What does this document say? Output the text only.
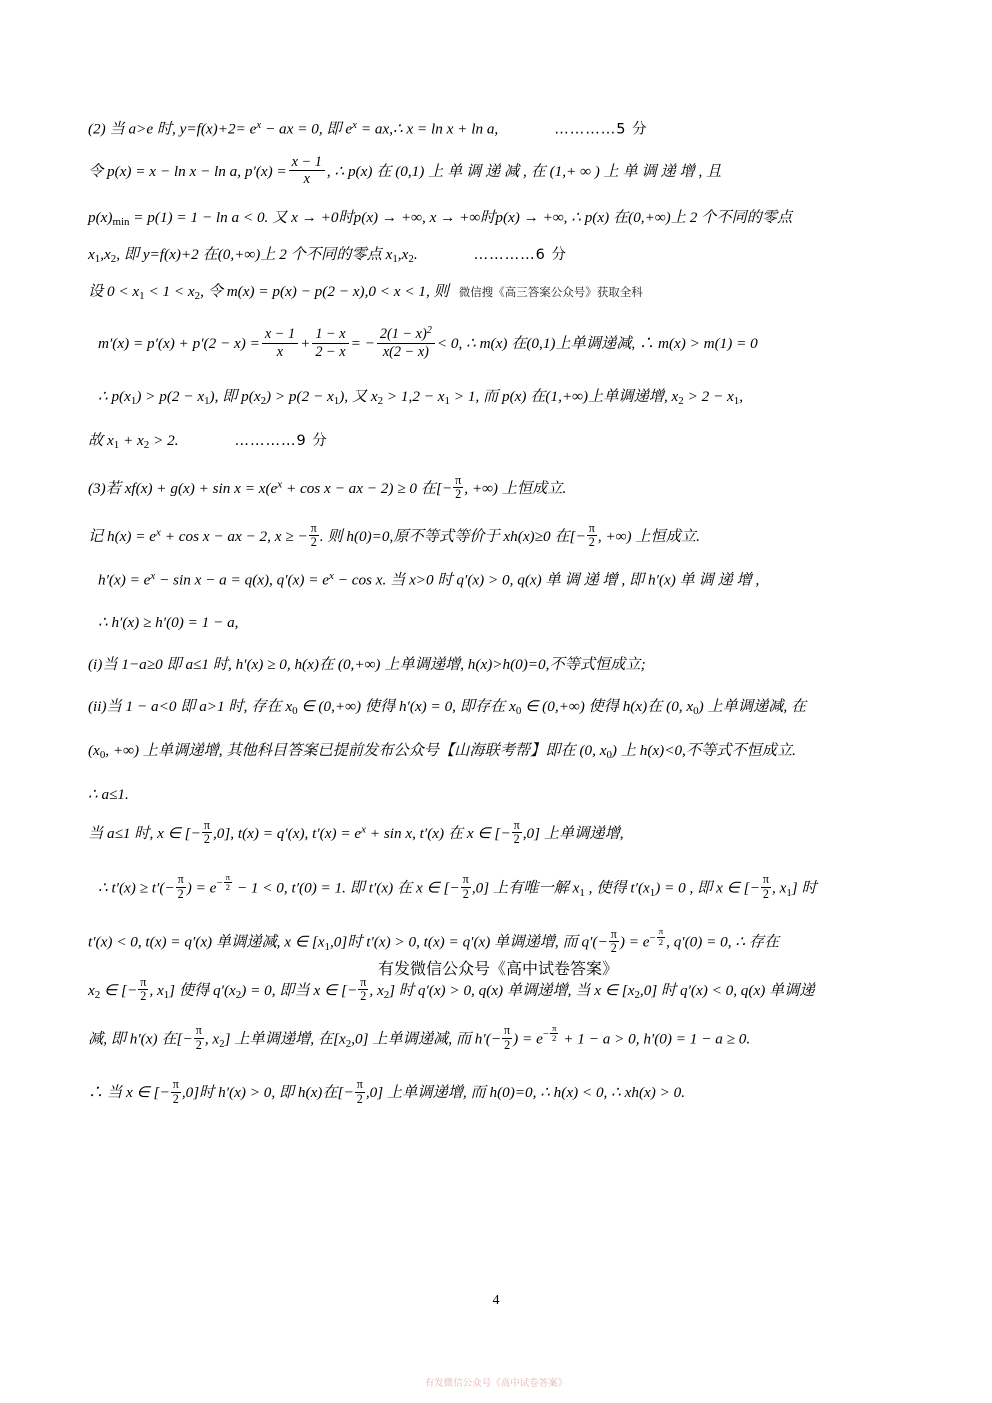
(2) 当 a>e 时, $y=f(x)+2= e^x$ − ax = 0, 即 $e^x$ = ax,∴ x = ln x + ln a,	…………5 分
令 p(x) = x − ln x − ln a, $p'(x) = \frac{x - 1}{x}$ , ∴ p(x) 在 (0,1) 上 单 调 递 减 , 在 (1,+ ∞ ) 上 单 调 递 增 , 且
$p(x)_{min} = p(1) = 1 - \ln a < 0$. 又 x → +0时p(x) → +∞, x → +∞时p(x) → +∞, ∴ p(x) 在(0,+∞)上 2 个不同的零点
$x_1,x_2$, 即 y=f(x)+2 在(0,+∞)上 2 个不同的零点 $x_1,x_2$.	…………6 分
设 $0 < x_1 < 1 < x_2$, 令 m(x) = p(x) − p(2 − x),0 < x < 1, 则 微信搜《高三答案公众号》获取全科
$m'(x) = p'(x) + p'(2 - x) = \frac{x - 1}{x} + \frac{1 - x}{2 - x}$ = − $\frac{2(1 - x)^2}{x(2 - x)} < 0$, ∴ m(x) 在(0,1)上单调递减, ∴ m(x) > m(1) = 0
∴ $p(x_1) > p(2 - x_1)$, 即 $p(x_2) > p(2 - x_1)$, 又 $x_2 > 1,2 - x_1 > 1$, 而 p(x) 在(1,+∞)上单调递增, $x_2 > 2 - x_1$,
故 $x_1 + x_2 > 2$.	…………9 分
(3)若 $xf(x) + g(x) + \sin x = x(e^x + \cos x$ − ax − 2) ≥ 0 在[− $\frac{\pi}{2}$ , +∞) 上恒成立.
记 $h(x) = e^x + \cos x$ − ax − 2, x ≥ − $\frac{\pi}{2}$ . 则 h(0)=0,原不等式等价于 xh(x)≥0 在[− $\frac{\pi}{2}$ , +∞) 上恒成立.
$h'(x) = e^x - \sin x - a = q(x)$, $q'(x) = e^x - \cos x$. 当 x>0 时 q′(x) > 0, q(x) 单 调 递 增 , 即 h′(x) 单 调 递 增 ,
∴ h′(x) ≥ h′(0) = 1 − a,
(i)当 1−a≥0 即 a≤1 时, h′(x) ≥ 0, h(x)在 (0,+∞) 上单调递增, h(x)>h(0)=0,不等式恒成立;
(ii)当 1 − a<0 即 a>1 时, 存在 $x_0$ ∈ (0,+∞) 使得 h′(x) = 0, 即存在 $x_0$ ∈ (0,+∞) 使得 h(x)在 (0, $x_0$) 上单调递减, 在
($x_0$, +∞) 上单调递增, 其他科目答案已提前发布公众号【山海联考帮】即在 (0, $x_0$) 上 h(x)<0,不等式不恒成立.
∴ a≤1.
当 a≤1 时, x ∈ [− $\frac{\pi}{2} ,0$], t(x) = q′(x), $t'(x) = e^x + \sin x$, t′(x) 在 x ∈ [− $\frac{\pi}{2} ,0$] 上单调递增,
∴ $t'(x) \ge t'(- \frac{\pi}{2}$ ) = $e^{- \frac{\pi}{2}} - 1 < 0$, t′(0) = 1. 即 t′(x) 在 x ∈ [− $\frac{\pi}{2} ,0$] 上有唯一解 $x_1$ , 使得 $t'(x_1) = 0$ , 即 x ∈ [− $\frac{\pi}{2}$ , $x_1$] 时
t′(x) < 0, t(x) = q′(x) 单调递减, x ∈ $[x_1,0]$时 t′(x) > 0, t(x) = q′(x) 单调递增, 而 $q'(- \frac{\pi}{2}$ ) = $e^{- \frac{\pi}{2}}$ , q′(0) = 0, ∴ 存在
有发微信公众号《高中试卷答案》
$x_2$ ∈ [− $\frac{\pi}{2}$ , $x_1$] 使得 $q'(x_2) = 0$, 即当 x ∈ [− $\frac{\pi}{2}$ , $x_2$] 时 q′(x) > 0, q(x) 单调递增, 当 x ∈ $[x_2,0]$ 时 q′(x) < 0, q(x) 单调递
减, 即 h′(x) 在[− $\frac{\pi}{2}$ , $x_2$] 上单调递增, 在$[x_2,0]$ 上单调递减, 而 $h'(- \frac{\pi}{2}$ ) = $e^{- \frac{\pi}{2}} + 1 - a > 0$, h′(0) = 1 − a ≥ 0.
∴ 当 x ∈ [− $\frac{\pi}{2} ,0$]时 h′(x) > 0, 即 h(x)在[− $\frac{\pi}{2} ,0$] 上单调递增, 而 h(0)=0, ∴ h(x) < 0, ∴ xh(x) > 0.
4
有发微信公众号《高中试卷答案》
